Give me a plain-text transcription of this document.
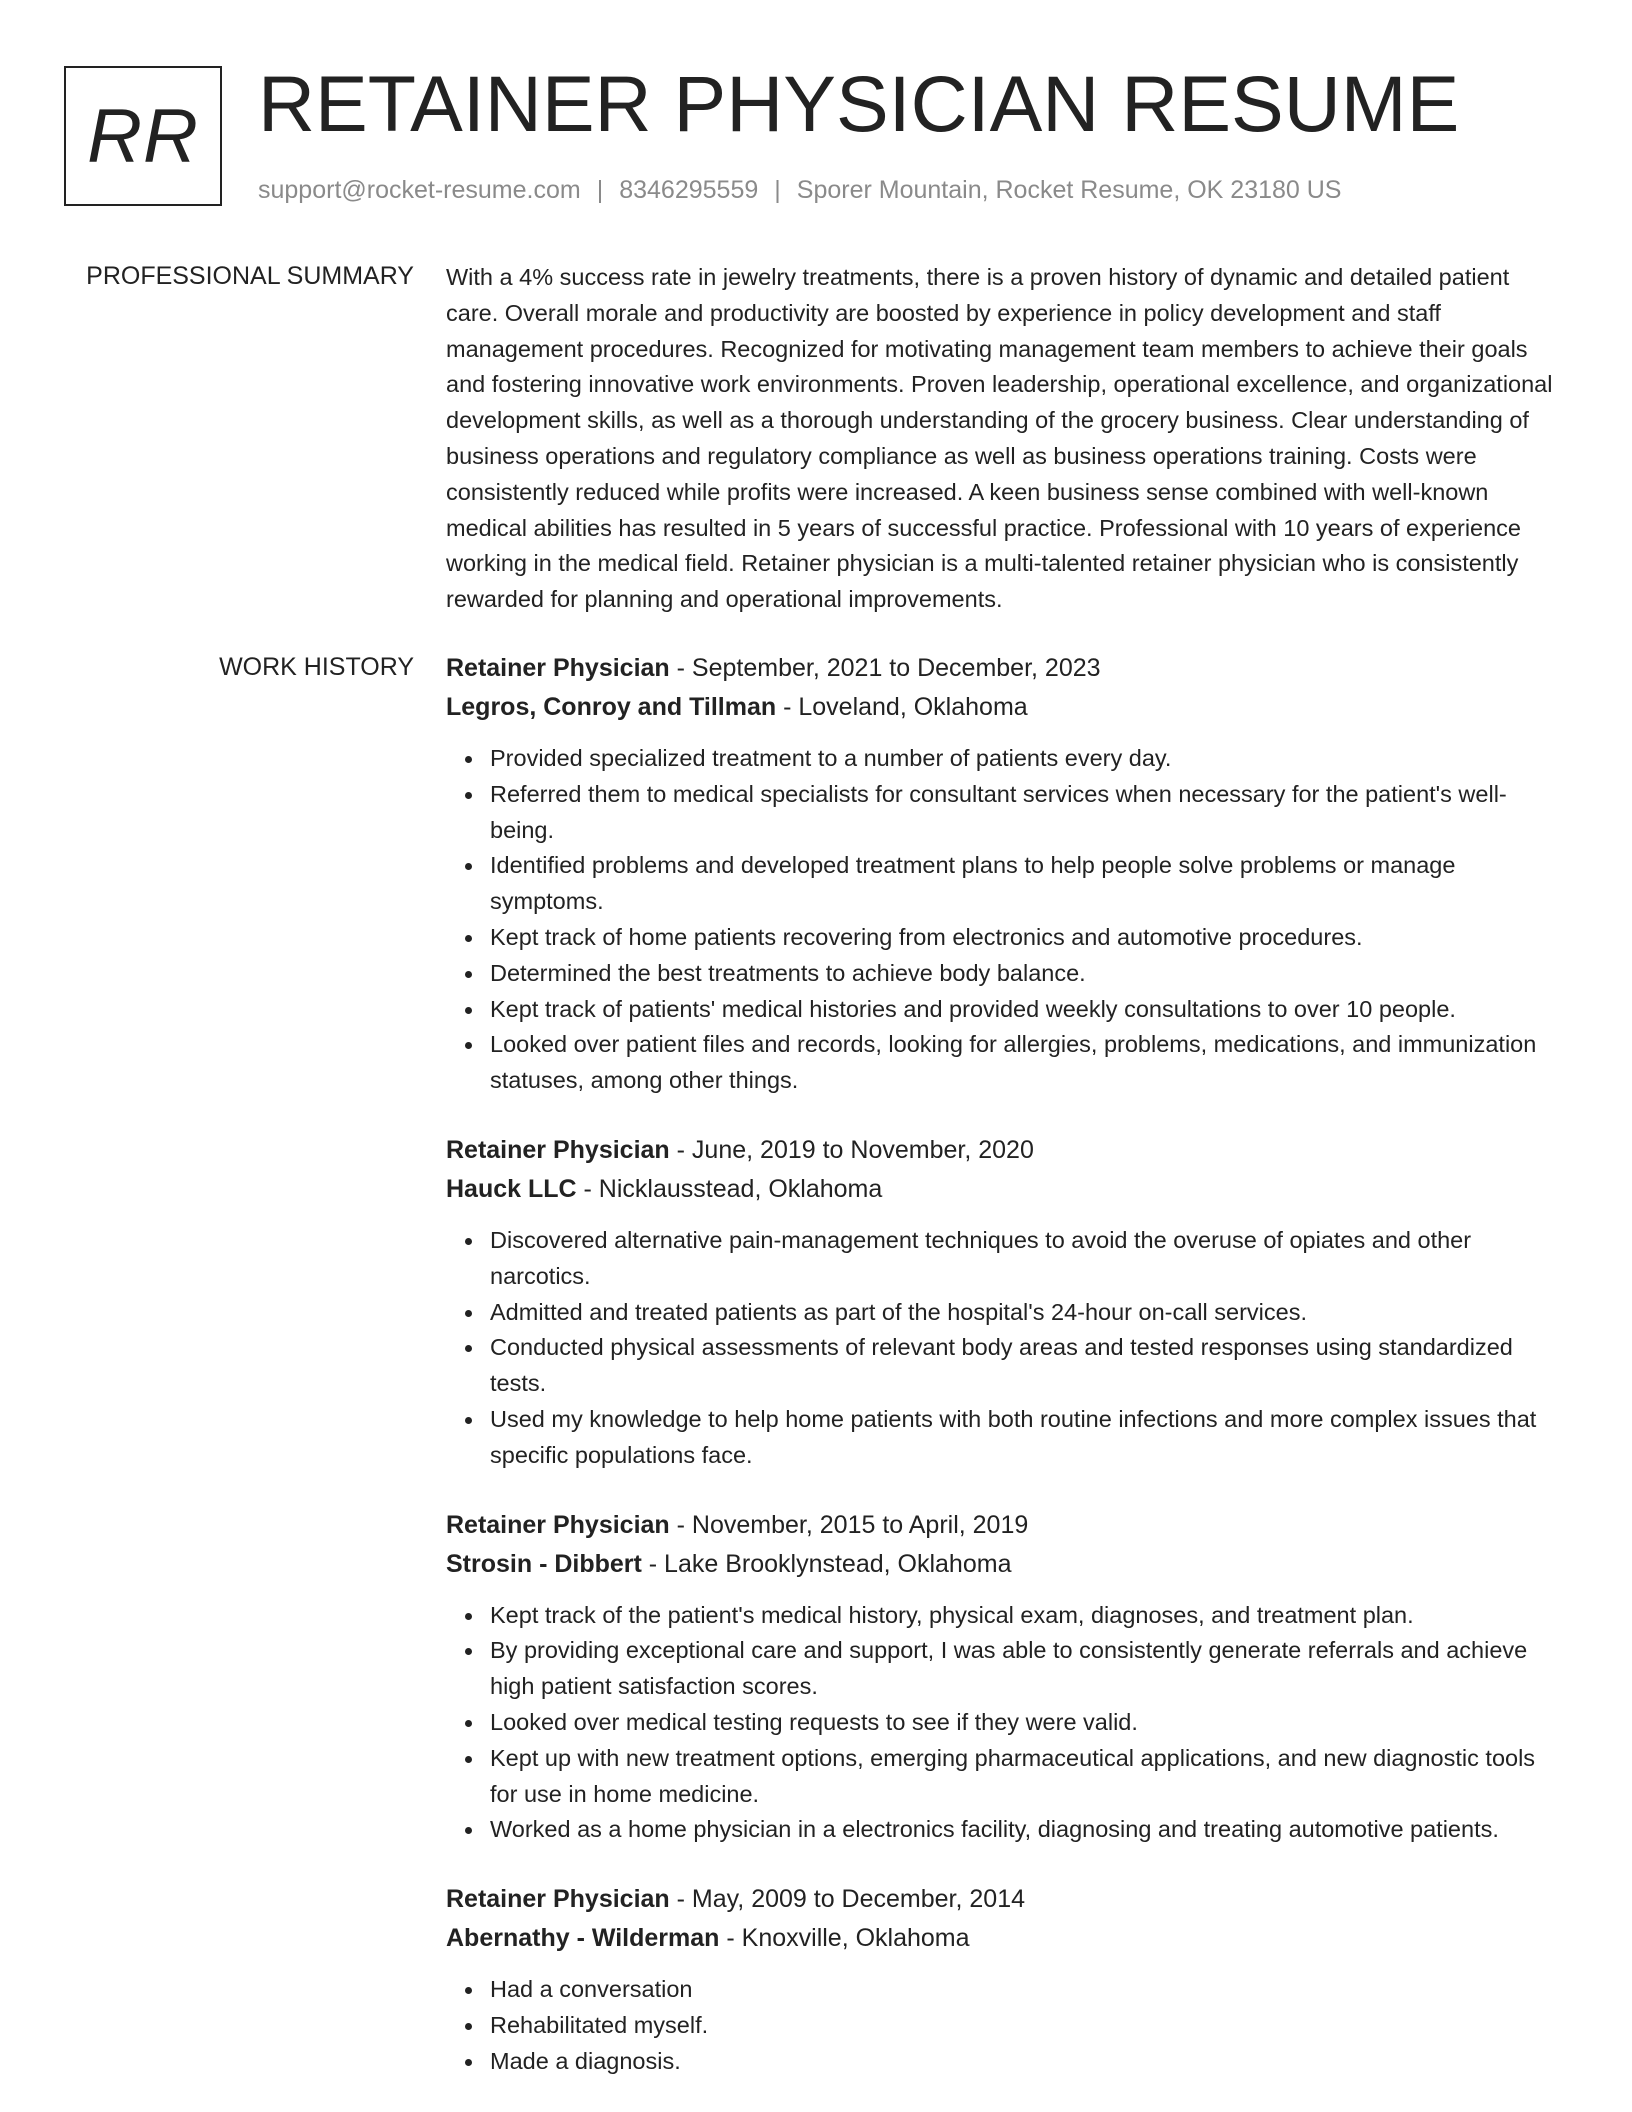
RR RETAINER PHYSICIAN RESUME
support@rocket-resume.com | 8346295559 | Sporer Mountain, Rocket Resume, OK 23180 US
PROFESSIONAL SUMMARY With a 4% success rate in jewelry treatments, there is a proven history of dynamic and detailed patient care. Overall morale and productivity are boosted by experience in policy development and staff management procedures. Recognized for motivating management team members to achieve their goals and fostering innovative work environments. Proven leadership, operational excellence, and organizational development skills, as well as a thorough understanding of the grocery business. Clear understanding of business operations and regulatory compliance as well as business operations training. Costs were consistently reduced while profits were increased. A keen business sense combined with well-known medical abilities has resulted in 5 years of successful practice. Professional with 10 years of experience working in the medical field. Retainer physician is a multi-talented retainer physician who is consistently rewarded for planning and operational improvements.

WORK HISTORY Retainer Physician - September, 2021 to December, 2023
Legros, Conroy and Tillman - Loveland, Oklahoma
Provided specialized treatment to a number of patients every day.
Referred them to medical specialists for consultant services when necessary for the patient's well-being.
Identified problems and developed treatment plans to help people solve problems or manage symptoms.
Kept track of home patients recovering from electronics and automotive procedures.
Determined the best treatments to achieve body balance.
Kept track of patients' medical histories and provided weekly consultations to over 10 people.
Looked over patient files and records, looking for allergies, problems, medications, and immunization statuses, among other things.
Retainer Physician - June, 2019 to November, 2020
Hauck LLC - Nicklausstead, Oklahoma
Discovered alternative pain-management techniques to avoid the overuse of opiates and other narcotics.
Admitted and treated patients as part of the hospital's 24-hour on-call services.
Conducted physical assessments of relevant body areas and tested responses using standardized tests.
Used my knowledge to help home patients with both routine infections and more complex issues that specific populations face.
Retainer Physician - November, 2015 to April, 2019
Strosin - Dibbert - Lake Brooklynstead, Oklahoma
Kept track of the patient's medical history, physical exam, diagnoses, and treatment plan.
By providing exceptional care and support, I was able to consistently generate referrals and achieve high patient satisfaction scores.
Looked over medical testing requests to see if they were valid.
Kept up with new treatment options, emerging pharmaceutical applications, and new diagnostic tools for use in home medicine.
Worked as a home physician in a electronics facility, diagnosing and treating automotive patients.
Retainer Physician - May, 2009 to December, 2014
Abernathy - Wilderman - Knoxville, Oklahoma
Had a conversation
Rehabilitated myself.
Made a diagnosis.
